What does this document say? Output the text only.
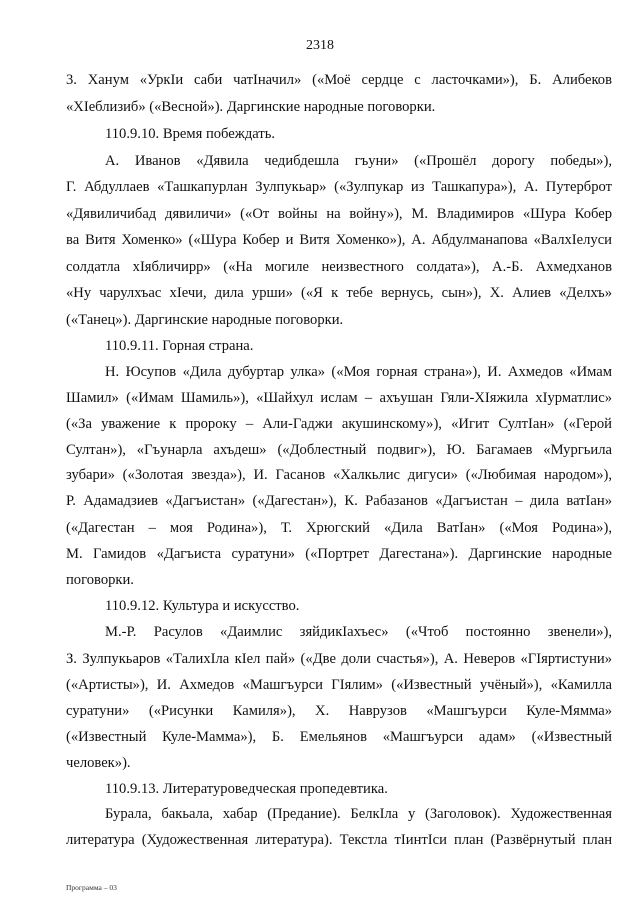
2318
3. Ханум «УркIи саби чатIначил» («Моё сердце с ласточками»), Б. Алибеков
«ХIеблизиб» («Весной»). Даргинские народные поговорки.
110.9.10. Время побеждать.
А. Иванов «Дявила чедибдешла гъуни» («Прошёл дорогу победы»),
Г. Абдуллаев «Ташкапурлан Зулпукьар» («Зулпукар из Ташкапура»), А. Путерброт
«Дявиличибад дявиличи» («От войны на войну»), М. Владимиров «Шура Кобер
ва Витя Хоменко» («Шура Кобер и Витя Хоменко»), А. Абдулманапова «ВалхIелуси
солдатла хIябличирр» («На могиле неизвестного солдата»), А.-Б. Ахмедханов
«Ну чарулхъас хIечи, дила урши» («Я к тебе вернусь, сын»), Х. Алиев «Делхъ»
(«Танец»). Даргинские народные поговорки.
110.9.11. Горная страна.
Н. Юсупов «Дила дубуртар улка» («Моя горная страна»), И. Ахмедов «Имам
Шамил» («Имам Шамиль»), «Шайхул ислам – ахъушан Гяли-ХIяжила хIурматлис»
(«За уважение к пророку – Али-Гаджи акушинскому»), «Игит СултIан» («Герой
Султан»), «Гъунарла ахъдеш» («Доблестный подвиг»), Ю. Багамаев «Мургьила
зубари» («Золотая звезда»), И. Гасанов «Халкьлис дигуси» («Любимая народом»),
Р. Адамадзиев «Дагъистан» («Дагестан»), К. Рабазанов «Дагъистан – дила ватIан»
(«Дагестан – моя Родина»), Т. Хрюгский «Дила ВатIан» («Моя Родина»),
М. Гамидов «Дагъиста суратуни» («Портрет Дагестана»). Даргинские народные
поговорки.
110.9.12. Культура и искусство.
М.-Р. Расулов «Даимлис зяйдикIахъес» («Чтоб постоянно звенели»),
З. Зулпукьаров «ТалихIла кIел пай» («Две доли счастья»), А. Неверов «ГIяртистуни»
(«Артисты»), И. Ахмедов «Машгъурси ГIялим» («Известный учёный»), «Камилла
суратуни» («Рисунки Камиля»), Х. Наврузов «Машгъурси Куле-Мямма»
(«Известный Куле-Мамма»), Б. Емельянов «Машгъурси адам» («Известный
человек»).
110.9.13. Литературоведческая пропедевтика.
Бурала, бакьала, хабар (Предание). БелкIла у (Заголовок). Художественная
литература (Художественная литература). Текстла тIинтIси план (Развёрнутый план
Программа – 03
